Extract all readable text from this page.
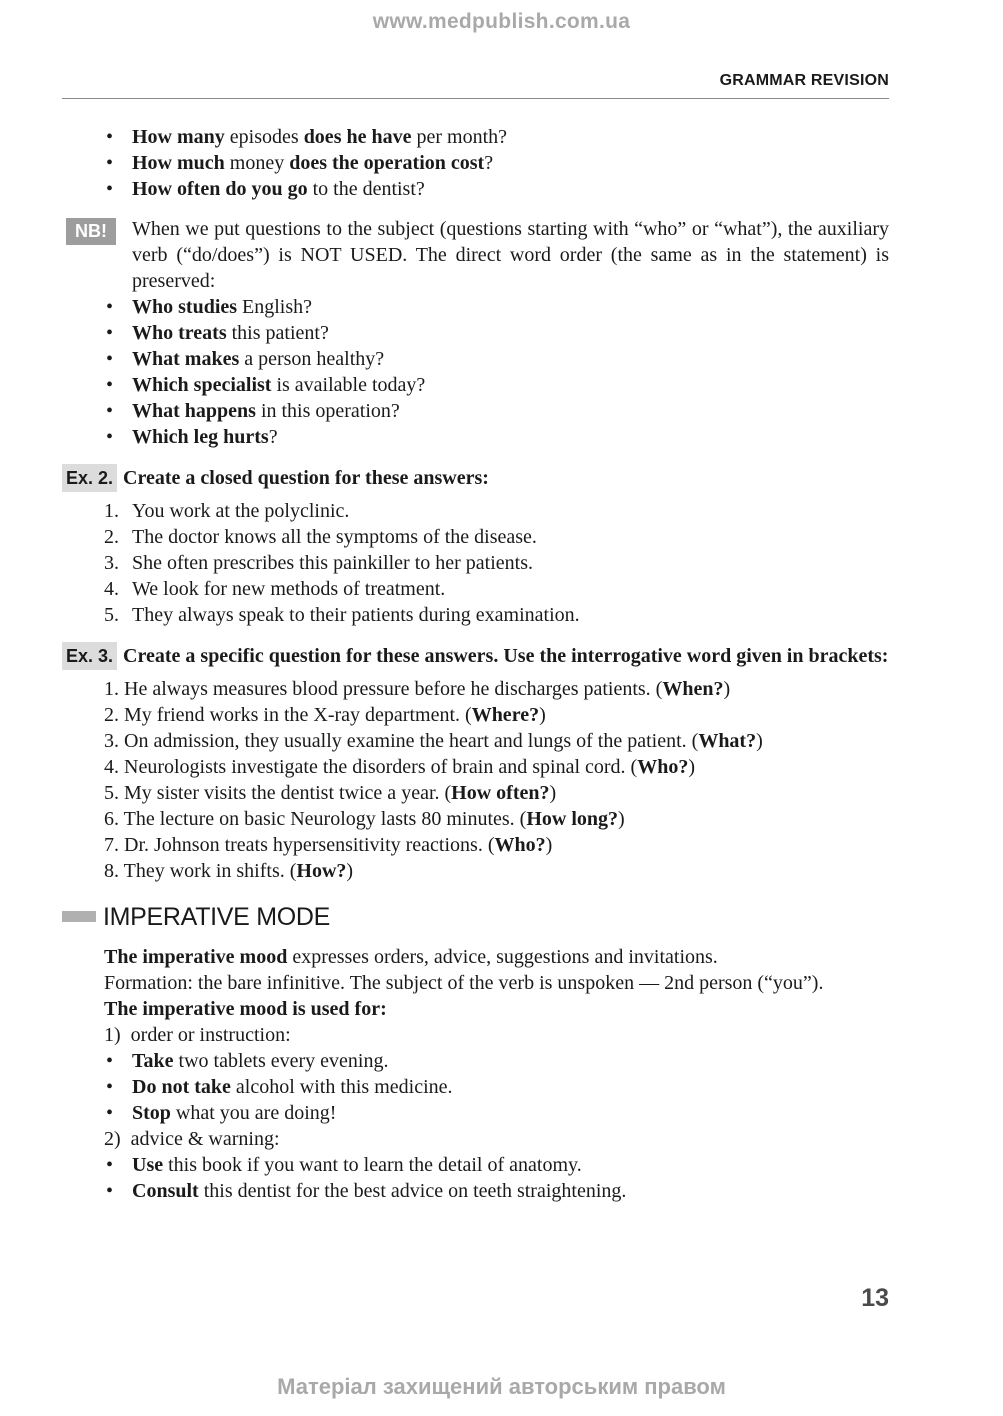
www.medpublish.com.ua
GRAMMAR REVISION
• How many episodes does he have per month?
• How much money does the operation cost?
• How often do you go to the dentist?
NB!	When we put questions to the subject (questions starting with “who” or “what”), the auxiliary verb (“do/does”) is NOT USED. The direct word order (the same as in the statement) is preserved:
• Who studies English?
• Who treats this patient?
• What makes a person healthy?
• Which specialist is available today?
• What happens in this operation?
• Which leg hurts?
Ex. 2. Create a closed question for these answers:
1. You work at the polyclinic.
2. The doctor knows all the symptoms of the disease.
3. She often prescribes this painkiller to her patients.
4. We look for new methods of treatment.
5. They always speak to their patients during examination.
Ex. 3. Create a specific question for these answers. Use the interrogative word given in brackets:
1. He always measures blood pressure before he discharges patients. (When?)
2. My friend works in the X-ray department. (Where?)
3. On admission, they usually examine the heart and lungs of the patient. (What?)
4. Neurologists investigate the disorders of brain and spinal cord. (Who?)
5. My sister visits the dentist twice a year. (How often?)
6. The lecture on basic Neurology lasts 80 minutes. (How long?)
7. Dr. Johnson treats hypersensitivity reactions. (Who?)
8. They work in shifts. (How?)
IMPERATIVE MODE

The imperative mood expresses orders, advice, suggestions and invitations.

Formation: the bare infinitive. The subject of the verb is unspoken — 2nd person (“you”).

The imperative mood is used for:

1)  order or instruction:
• Take two tablets every evening.
• Do not take alcohol with this medicine.
• Stop what you are doing!
2)  advice & warning:
• Use this book if you want to learn the detail of anatomy.
• Consult this dentist for the best advice on teeth straightening.
13
Матеріал захищений авторським правом
